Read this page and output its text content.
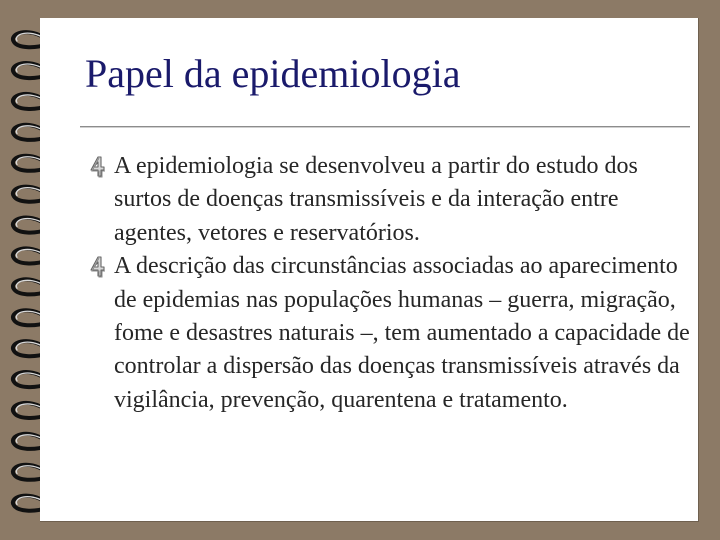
Papel da epidemiologia
A epidemiologia se desenvolveu a partir do estudo dos surtos de doenças transmissíveis e da interação entre agentes, vetores e reservatórios.
A descrição das circunstâncias associadas ao aparecimento de epidemias nas populações humanas – guerra, migração, fome e desastres naturais –, tem aumentado a capacidade de controlar a dispersão das doenças transmissíveis através da vigilância, prevenção, quarentena e tratamento.
